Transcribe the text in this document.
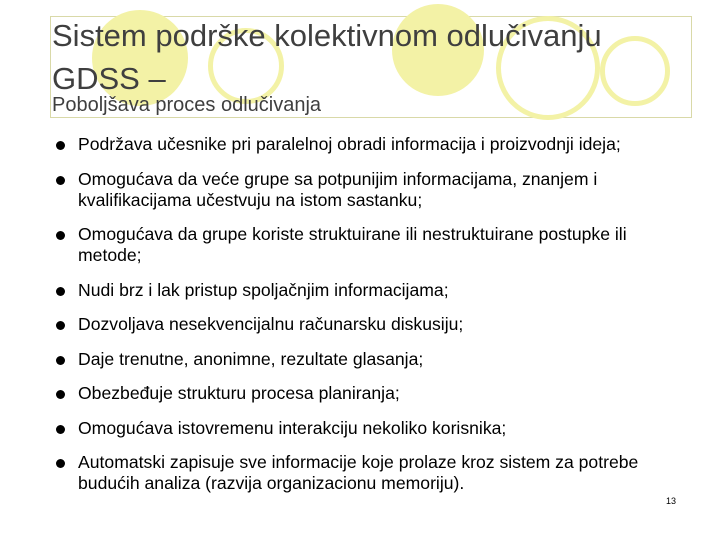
Sistem podrške kolektivnom odlučivanju GDSS –

Poboljšava proces odlučivanja

Podržava učesnike pri paralelnoj obradi informacija i proizvodnji ideja;
Omogućava da veće grupe sa potpunijim informacijama, znanjem i kvalifikacijama učestvuju na istom sastanku;
Omogućava da grupe koriste struktuirane ili nestruktuirane postupke ili metode;
Nudi brz i lak pristup spoljačnjim informacijama;
Dozvoljava nesekvencijalnu računarsku diskusiju;
Daje trenutne, anonimne, rezultate glasanja;
Obezbeđuje strukturu procesa planiranja;
Omogućava istovremenu interakciju nekoliko korisnika;
Automatski zapisuje sve informacije koje prolaze kroz sistem za potrebe budućih analiza (razvija organizacionu memoriju).
13
